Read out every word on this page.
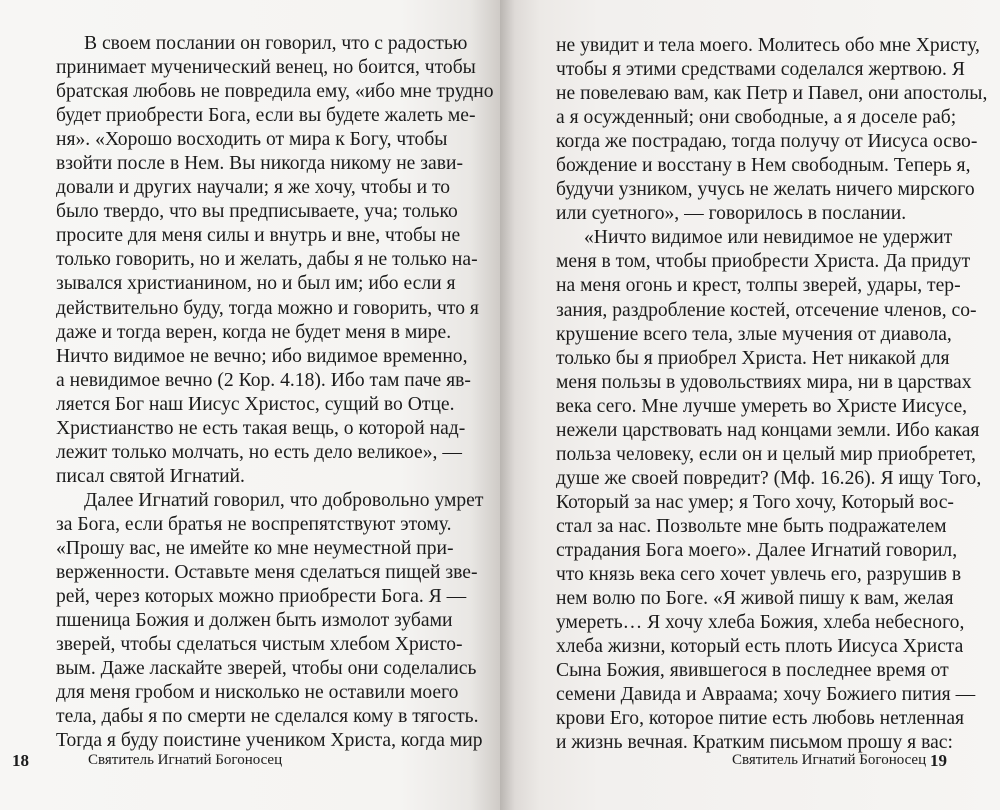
В своем послании он говорил, что с радостью
принимает мученический венец, но боится, чтобы
братская любовь не повредила ему, «ибо мне трудно
будет приобрести Бога, если вы будете жалеть ме-
ня». «Хорошо восходить от мира к Богу, чтобы
взойти после в Нем. Вы никогда никому не зави-
довали и других научали; я же хочу, чтобы и то
было твердо, что вы предписываете, уча; только
просите для меня силы и внутрь и вне, чтобы не
только говорить, но и желать, дабы я не только на-
зывался христианином, но и был им; ибо если я
действительно буду, тогда можно и говорить, что я
даже и тогда верен, когда не будет меня в мире.
Ничто видимое не вечно; ибо видимое временно,
а невидимое вечно (2 Кор. 4.18). Ибо там паче яв-
ляется Бог наш Иисус Христос, сущий во Отце.
Христианство не есть такая вещь, о которой над-
лежит только молчать, но есть дело великое», —
писал святой Игнатий.
Далее Игнатий говорил, что добровольно умрет
за Бога, если братья не воспрепятствуют этому.
«Прошу вас, не имейте ко мне неуместной при-
верженности. Оставьте меня сделаться пищей зве-
рей, через которых можно приобрести Бога. Я —
пшеница Божия и должен быть измолот зубами
зверей, чтобы сделаться чистым хлебом Христо-
вым. Даже ласкайте зверей, чтобы они соделались
для меня гробом и нисколько не оставили моего
тела, дабы я по смерти не сделался кому в тягость.
Тогда я буду поистине учеником Христа, когда мир
18	Святитель Игнатий Богоносец
не увидит и тела моего. Молитесь обо мне Христу,
чтобы я этими средствами соделался жертвою. Я
не повелеваю вам, как Петр и Павел, они апостолы,
а я осужденный; они свободные, а я доселе раб;
когда же пострадаю, тогда получу от Иисуса осво-
бождение и восстану в Нем свободным. Теперь я,
будучи узником, учусь не желать ничего мирского
или суетного», — говорилось в послании.
«Ничто видимое или невидимое не удержит
меня в том, чтобы приобрести Христа. Да придут
на меня огонь и крест, толпы зверей, удары, тер-
зания, раздробление костей, отсечение членов, со-
крушение всего тела, злые мучения от диавола,
только бы я приобрел Христа. Нет никакой для
меня пользы в удовольствиях мира, ни в царствах
века сего. Мне лучше умереть во Христе Иисусе,
нежели царствовать над концами земли. Ибо какая
польза человеку, если он и целый мир приобретет,
душе же своей повредит? (Мф. 16.26). Я ищу Того,
Который за нас умер; я Того хочу, Который вос-
стал за нас. Позвольте мне быть подражателем
страдания Бога моего». Далее Игнатий говорил,
что князь века сего хочет увлечь его, разрушив в
нем волю по Боге. «Я живой пишу к вам, желая
умереть… Я хочу хлеба Божия, хлеба небесного,
хлеба жизни, который есть плоть Иисуса Христа
Сына Божия, явившегося в последнее время от
семени Давида и Авраама; хочу Божиего пития —
крови Его, которое питие есть любовь нетленная
и жизнь вечная. Кратким письмом прошу я вас:
Святитель Игнатий Богоносец 19
